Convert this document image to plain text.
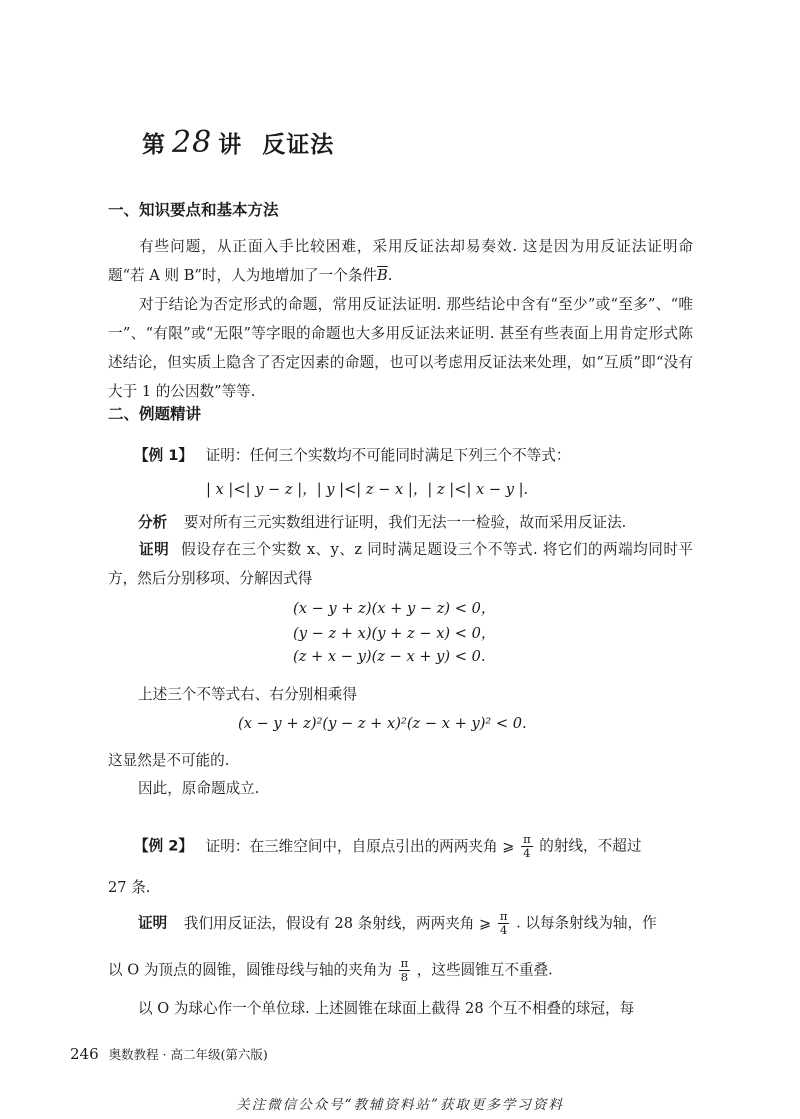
第 28 讲 反证法
一、知识要点和基本方法
有些问题，从正面入手比较困难，采用反证法却易奏效. 这是因为用反证法证明命题“若 A 则 B”时，人为地增加了一个条件$\overline{B}$.
对于结论为否定形式的命题，常用反证法证明. 那些结论中含有“至少”或“至多”、“唯一”、“有限”或“无限”等字眼的命题也大多用反证法来证明. 甚至有些表面上用肯定形式陈述结论，但实质上隐含了否定因素的命题，也可以考虑用反证法来处理，如“互质”即“没有大于 1 的公因数”等等.
二、例题精讲
【例 1】 证明：任何三个实数均不可能同时满足下列三个不等式：
| x |<| y − z |，| y |<| z − x |，| z |<| x − y |.
分析 要对所有三元实数组进行证明，我们无法一一检验，故而采用反证法.
证明 假设存在三个实数 x、y、z 同时满足题设三个不等式. 将它们的两端均同时平方，然后分别移项、分解因式得
(x − y + z)(x + y − z) < 0，
(y − z + x)(y + z − x) < 0，
(z + x − y)(z − x + y) < 0.
上述三个不等式右、右分别相乘得
(x − y + z)²(y − z + x)²(z − x + y)² < 0.
这显然是不可能的.
因此，原命题成立.
【例 2】 证明：在三维空间中，自原点引出的两两夹角 ⩾ $\frac{\pi}{4}$ 的射线，不超过
27 条.
证明 我们用反证法，假设有 28 条射线，两两夹角 ⩾ $\frac{\pi}{4}$ . 以每条射线为轴，作
以 O 为顶点的圆锥，圆锥母线与轴的夹角为 $\frac{\pi}{8}$ ，这些圆锥互不重叠.
以 O 为球心作一个单位球. 上述圆锥在球面上截得 28 个互不相叠的球冠，每
246 奥数教程 · 高二年级(第六版)
关注微信公众号“教辅资料站”获取更多学习资料
